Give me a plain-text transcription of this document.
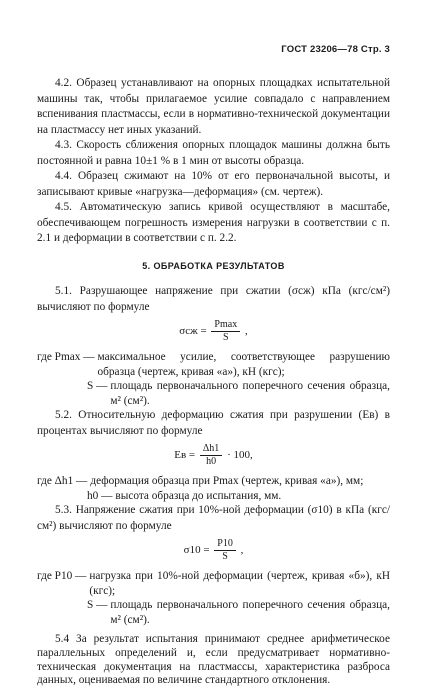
ГОСТ 23206—78 Стр. 3

4.2. Образец устанавливают на опорных площадках испытательной машины так, чтобы прилагаемое усилие совпадало с направлением вспенивания пластмассы, если в нормативно-технической документации на пластмассу нет иных указаний.

4.3. Скорость сближения опорных площадок машины должна быть постоянной и равна 10±1 % в 1 мин от высоты образца.

4.4. Образец сжимают на 10% от его первоначальной высоты, и записывают кривые «нагрузка—деформация» (см. чертеж).

4.5. Автоматическую запись кривой осуществляют в масштабе, обеспечивающем погрешность измерения нагрузки в соответствии с п. 2.1 и деформации в соответствии с п. 2.2.

5. ОБРАБОТКА РЕЗУЛЬТАТОВ

5.1. Разрушающее напряжение при сжатии (σсж) кПа (кгс/см²) вычисляют по формуле

$\sigma сж = \frac{Pmax}{S}$ ,
где Pmax — максимальное усилие, соответствующее разрушению образца (чертеж, кривая «а»), кН (кгс);
S — площадь первоначального поперечного сечения образца, м² (см²).

5.2. Относительную деформацию сжатия при разрушении (Eв) в процентах вычисляют по формуле

Eв = $\frac{\Delta h1}{h0} \cdot 100$,
где Δh1 — деформация образца при Pmax (чертеж, кривая «а»), мм;
h0 — высота образца до испытания, мм.

5.3. Напряжение сжатия при 10%-ной деформации (σ10) в кПа (кгс/см²) вычисляют по формуле

$\sigma 10 = \frac{P10}{S}$ ,
где P10 — нагрузка при 10%-ной деформации (чертеж, кривая «б»), кН (кгс);
S — площадь первоначального поперечного сечения образца, м² (см²).

5.4 За результат испытания принимают среднее арифметическое параллельных определений и, если предусматривает нормативно-техническая документация на пластмассы, характеристика разброса данных, оцениваемая по величине стандартного отклонения.
